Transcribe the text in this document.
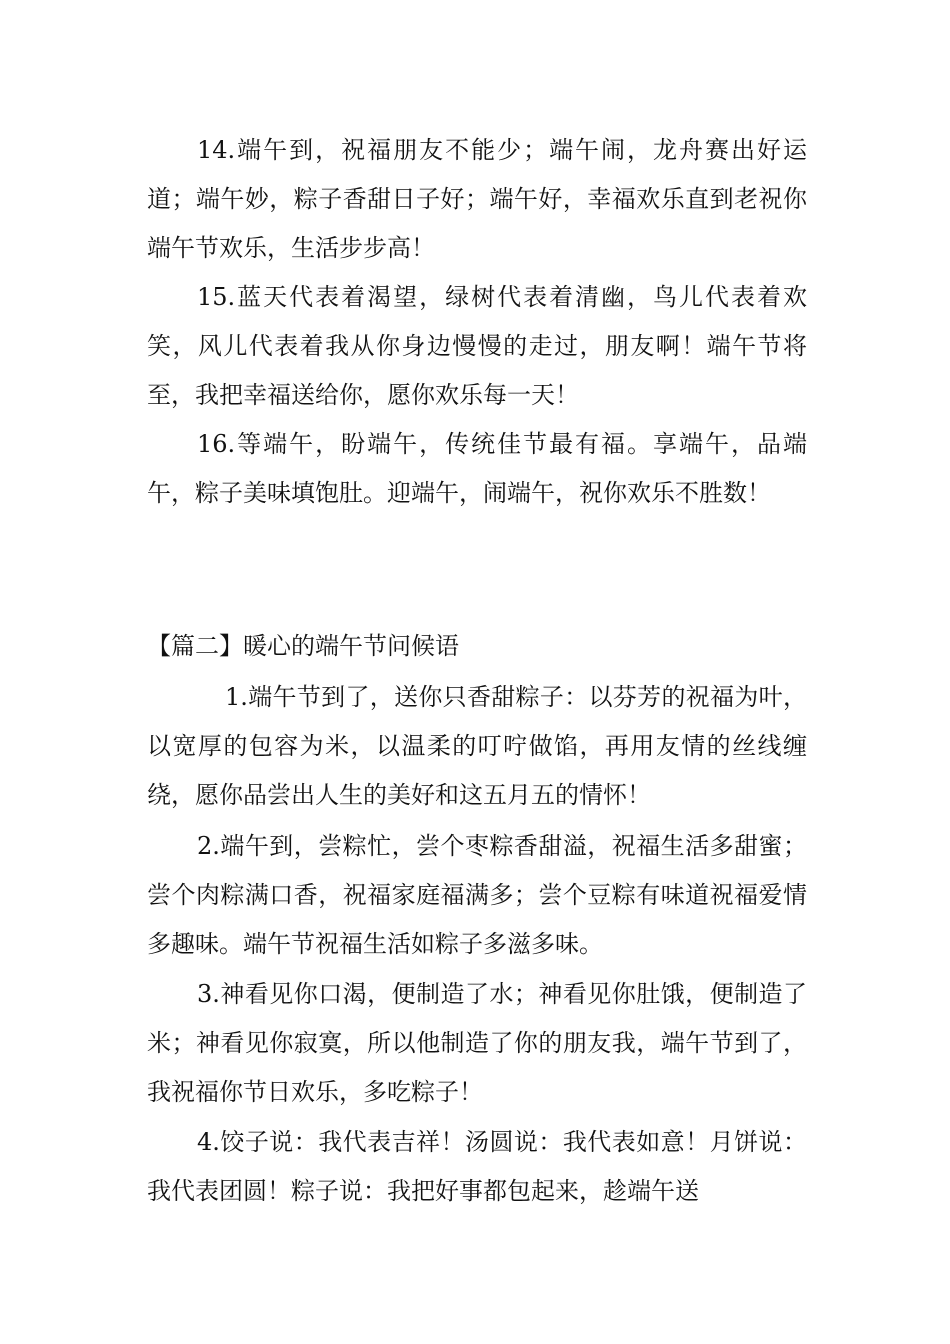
14.端午到，祝福朋友不能少；端午闹，龙舟赛出好运道；端午妙，粽子香甜日子好；端午好，幸福欢乐直到老祝你端午节欢乐，生活步步高！

15.蓝天代表着渴望，绿树代表着清幽，鸟儿代表着欢笑，风儿代表着我从你身边慢慢的走过，朋友啊！端午节将至，我把幸福送给你，愿你欢乐每一天！

16.等端午，盼端午，传统佳节最有福。享端午，品端午，粽子美味填饱肚。迎端午，闹端午，祝你欢乐不胜数！

【篇二】暖心的端午节问候语

1.端午节到了，送你只香甜粽子：以芬芳的祝福为叶，以宽厚的包容为米，以温柔的叮咛做馅，再用友情的丝线缠绕，愿你品尝出人生的美好和这五月五的情怀！

2.端午到，尝粽忙，尝个枣粽香甜溢，祝福生活多甜蜜；尝个肉粽满口香，祝福家庭福满多；尝个豆粽有味道祝福爱情多趣味。端午节祝福生活如粽子多滋多味。

3.神看见你口渴，便制造了水；神看见你肚饿，便制造了米；神看见你寂寞，所以他制造了你的朋友我，端午节到了，我祝福你节日欢乐，多吃粽子！

4.饺子说：我代表吉祥！汤圆说：我代表如意！月饼说：我代表团圆！粽子说：我把好事都包起来，趁端午送
